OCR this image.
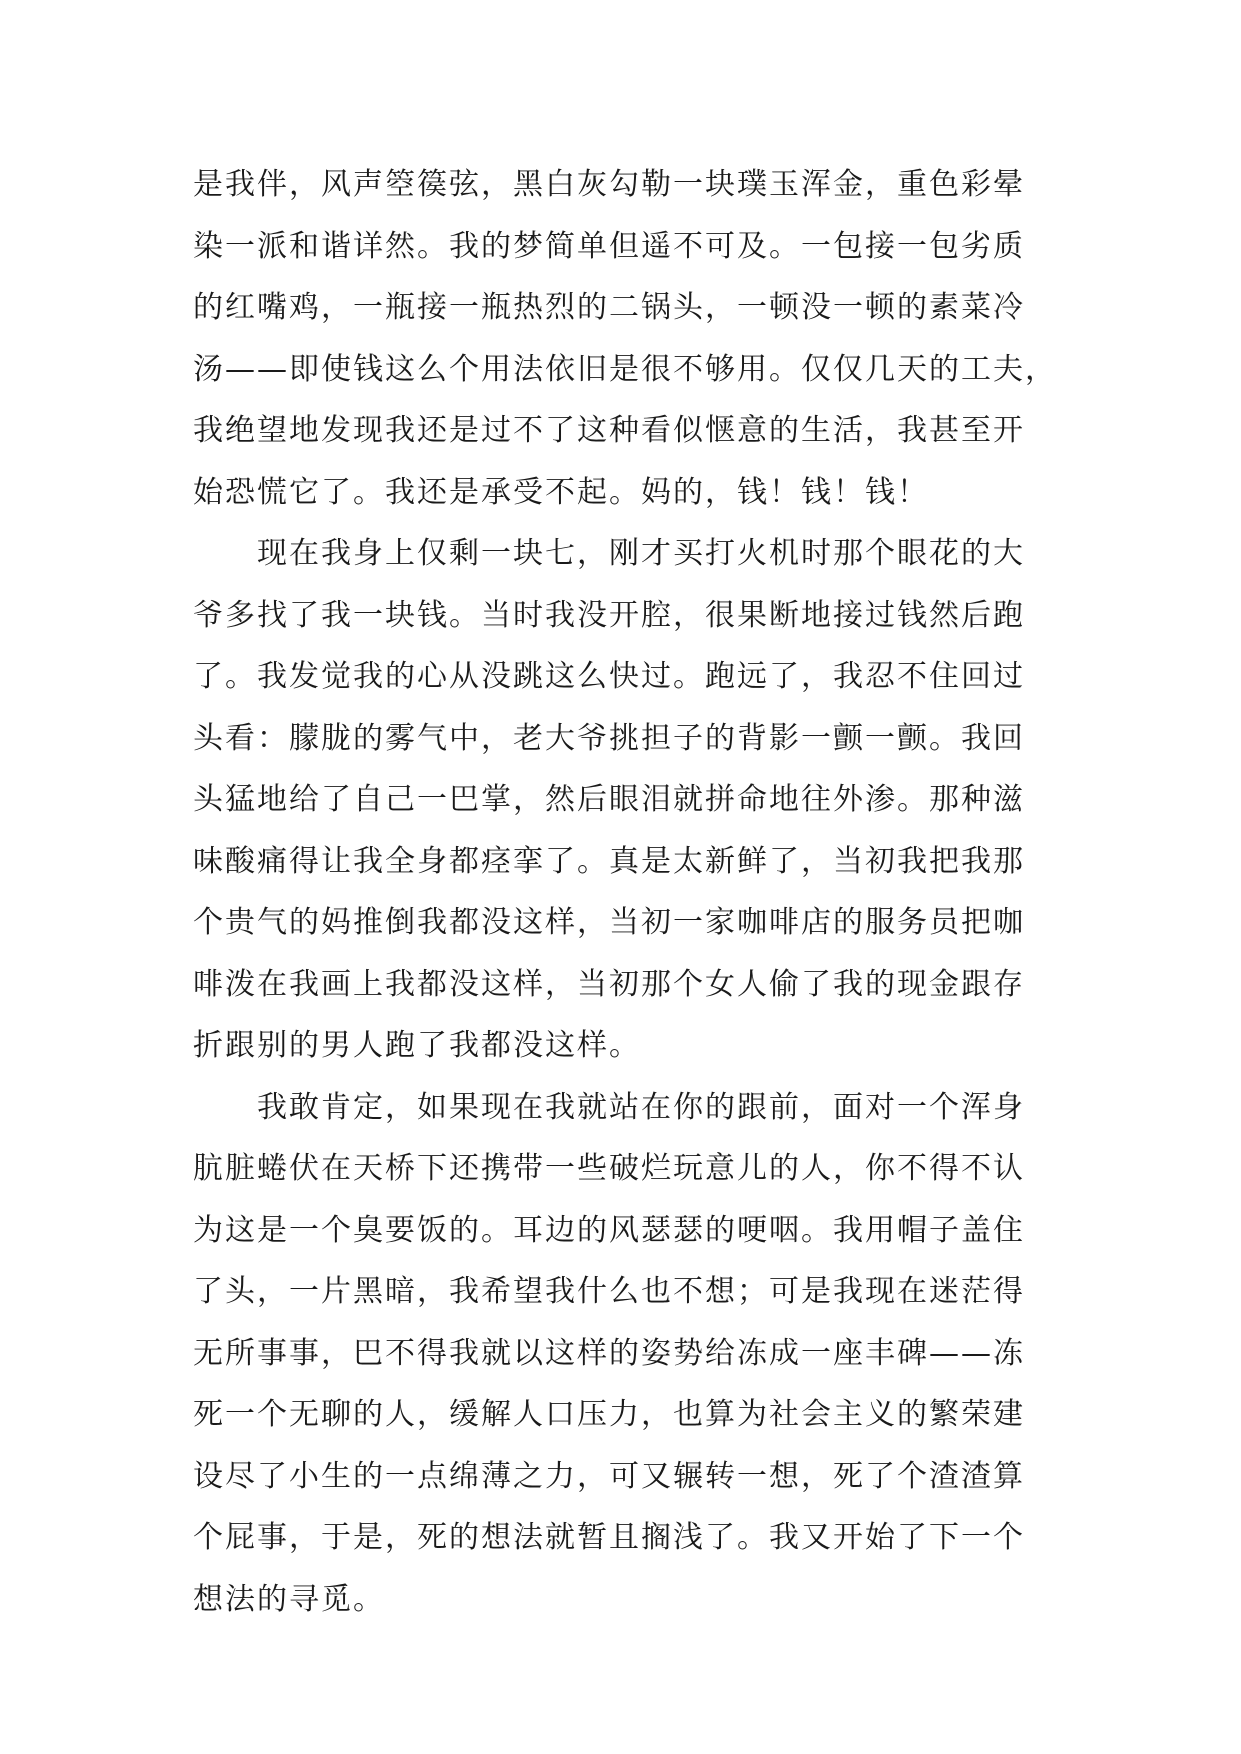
是我伴，风声箜篌弦，黑白灰勾勒一块璞玉浑金，重色彩晕
染一派和谐详然。我的梦简单但遥不可及。一包接一包劣质
的红嘴鸡，一瓶接一瓶热烈的二锅头，一顿没一顿的素菜冷
汤——即使钱这么个用法依旧是很不够用。仅仅几天的工夫，
我绝望地发现我还是过不了这种看似惬意的生活，我甚至开
始恐慌它了。我还是承受不起。妈的，钱！钱！钱！
现在我身上仅剩一块七，刚才买打火机时那个眼花的大
爷多找了我一块钱。当时我没开腔，很果断地接过钱然后跑
了。我发觉我的心从没跳这么快过。跑远了，我忍不住回过
头看：朦胧的雾气中，老大爷挑担子的背影一颤一颤。我回
头猛地给了自己一巴掌，然后眼泪就拼命地往外渗。那种滋
味酸痛得让我全身都痉挛了。真是太新鲜了，当初我把我那
个贵气的妈推倒我都没这样，当初一家咖啡店的服务员把咖
啡泼在我画上我都没这样，当初那个女人偷了我的现金跟存
折跟别的男人跑了我都没这样。
我敢肯定，如果现在我就站在你的跟前，面对一个浑身
肮脏蜷伏在天桥下还携带一些破烂玩意儿的人，你不得不认
为这是一个臭要饭的。耳边的风瑟瑟的哽咽。我用帽子盖住
了头，一片黑暗，我希望我什么也不想；可是我现在迷茫得
无所事事，巴不得我就以这样的姿势给冻成一座丰碑——冻
死一个无聊的人，缓解人口压力，也算为社会主义的繁荣建
设尽了小生的一点绵薄之力，可又辗转一想，死了个渣渣算
个屁事，于是，死的想法就暂且搁浅了。我又开始了下一个
想法的寻觅。
